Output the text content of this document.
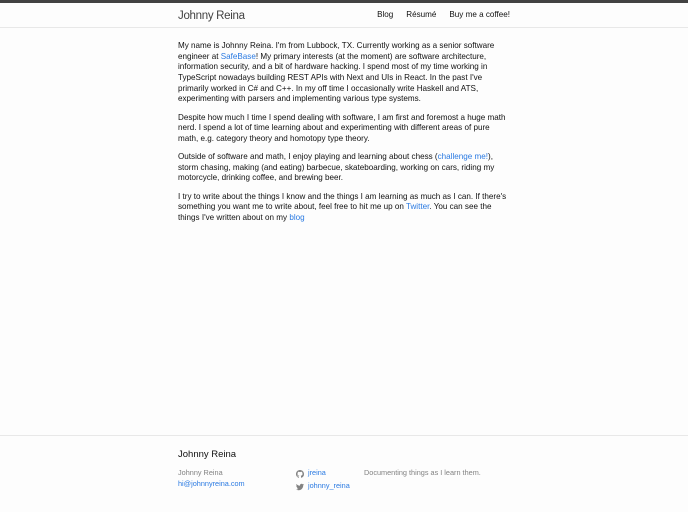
Johnny Reina	Blog Résumé Buy me a coffee!

My name is Johnny Reina. I'm from Lubbock, TX. Currently working as a senior software engineer at SafeBase! My primary interests (at the moment) are software architecture, information security, and a bit of hardware hacking. I spend most of my time working in TypeScript nowadays building REST APIs with Next and UIs in React. In the past I've primarily worked in C# and C++. In my off time I occasionally write Haskell and ATS, experimenting with parsers and implementing various type systems.

Despite how much I time I spend dealing with software, I am first and foremost a huge math nerd. I spend a lot of time learning about and experimenting with different areas of pure math, e.g. category theory and homotopy type theory.

Outside of software and math, I enjoy playing and learning about chess (challenge me!), storm chasing, making (and eating) barbecue, skateboarding, working on cars, riding my motorcycle, drinking coffee, and brewing beer.

I try to write about the things I know and the things I am learning as much as I can. If there's something you want me to write about, feel free to hit me up on Twitter. You can see the things I've written about on my blog

Johnny Reina
Johnny Reina
hi@johnnyreina.com
jreina
johnny_reina
Documenting things as I learn them.
